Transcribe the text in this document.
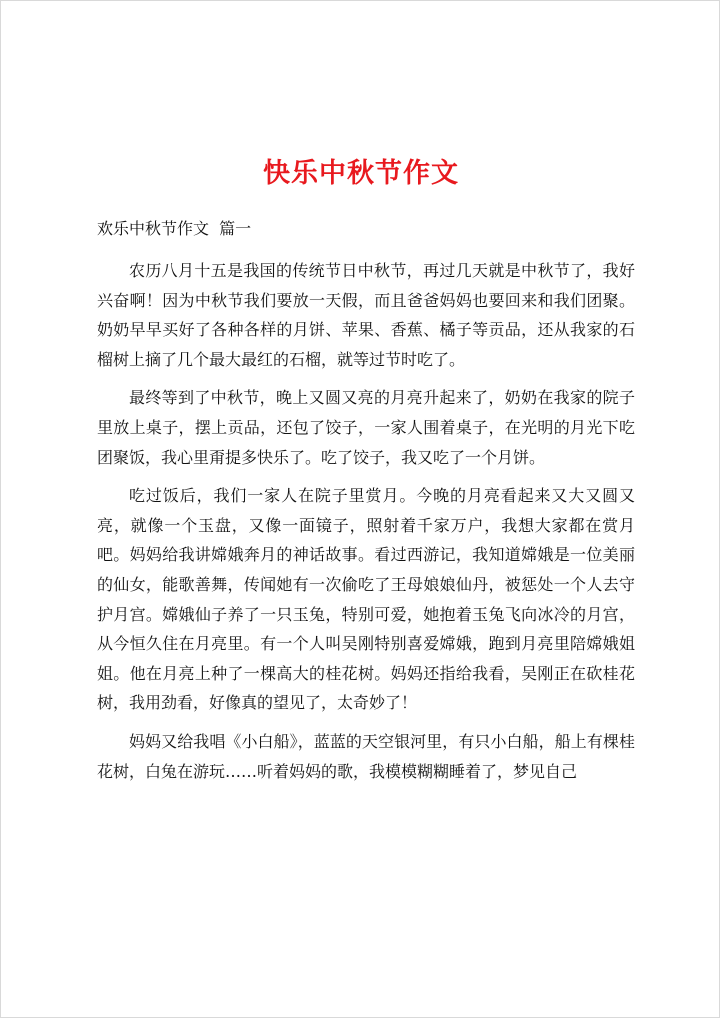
快乐中秋节作文
欢乐中秋节作文  篇一

农历八月十五是我国的传统节日中秋节，再过几天就是中秋节了，我好兴奋啊！因为中秋节我们要放一天假，而且爸爸妈妈也要回来和我们团聚。奶奶早早买好了各种各样的月饼、苹果、香蕉、橘子等贡品，还从我家的石榴树上摘了几个最大最红的石榴，就等过节时吃了。

最终等到了中秋节，晚上又圆又亮的月亮升起来了，奶奶在我家的院子里放上桌子，摆上贡品，还包了饺子，一家人围着桌子，在光明的月光下吃团聚饭，我心里甭提多快乐了。吃了饺子，我又吃了一个月饼。

吃过饭后，我们一家人在院子里赏月。今晚的月亮看起来又大又圆又亮，就像一个玉盘，又像一面镜子，照射着千家万户，我想大家都在赏月吧。妈妈给我讲嫦娥奔月的神话故事。看过西游记，我知道嫦娥是一位美丽的仙女，能歌善舞，传闻她有一次偷吃了王母娘娘仙丹，被惩处一个人去守护月宫。嫦娥仙子养了一只玉兔，特别可爱，她抱着玉兔飞向冰冷的月宫，从今恒久住在月亮里。有一个人叫吴刚特别喜爱嫦娥，跑到月亮里陪嫦娥姐姐。他在月亮上种了一棵高大的桂花树。妈妈还指给我看，吴刚正在砍桂花树，我用劲看，好像真的望见了，太奇妙了！

妈妈又给我唱《小白船》，蓝蓝的天空银河里，有只小白船，船上有棵桂花树，白兔在游玩……听着妈妈的歌，我模模糊糊睡着了，梦见自己
